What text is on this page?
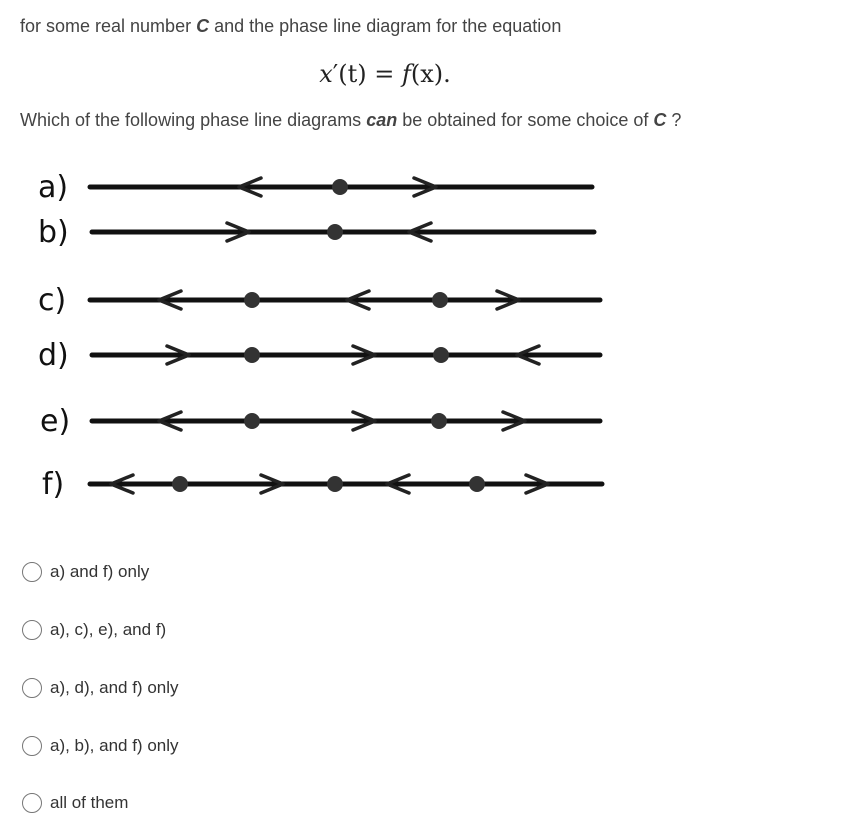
for some real number C and the phase line diagram for the equation
x′(t) = f(x).
Which of the following phase line diagrams can be obtained for some choice of C ?
a)
b)
c)
d)
e)
f)
a) and f) only
a), c), e), and f)
a), d), and f) only
a), b), and f) only
all of them
